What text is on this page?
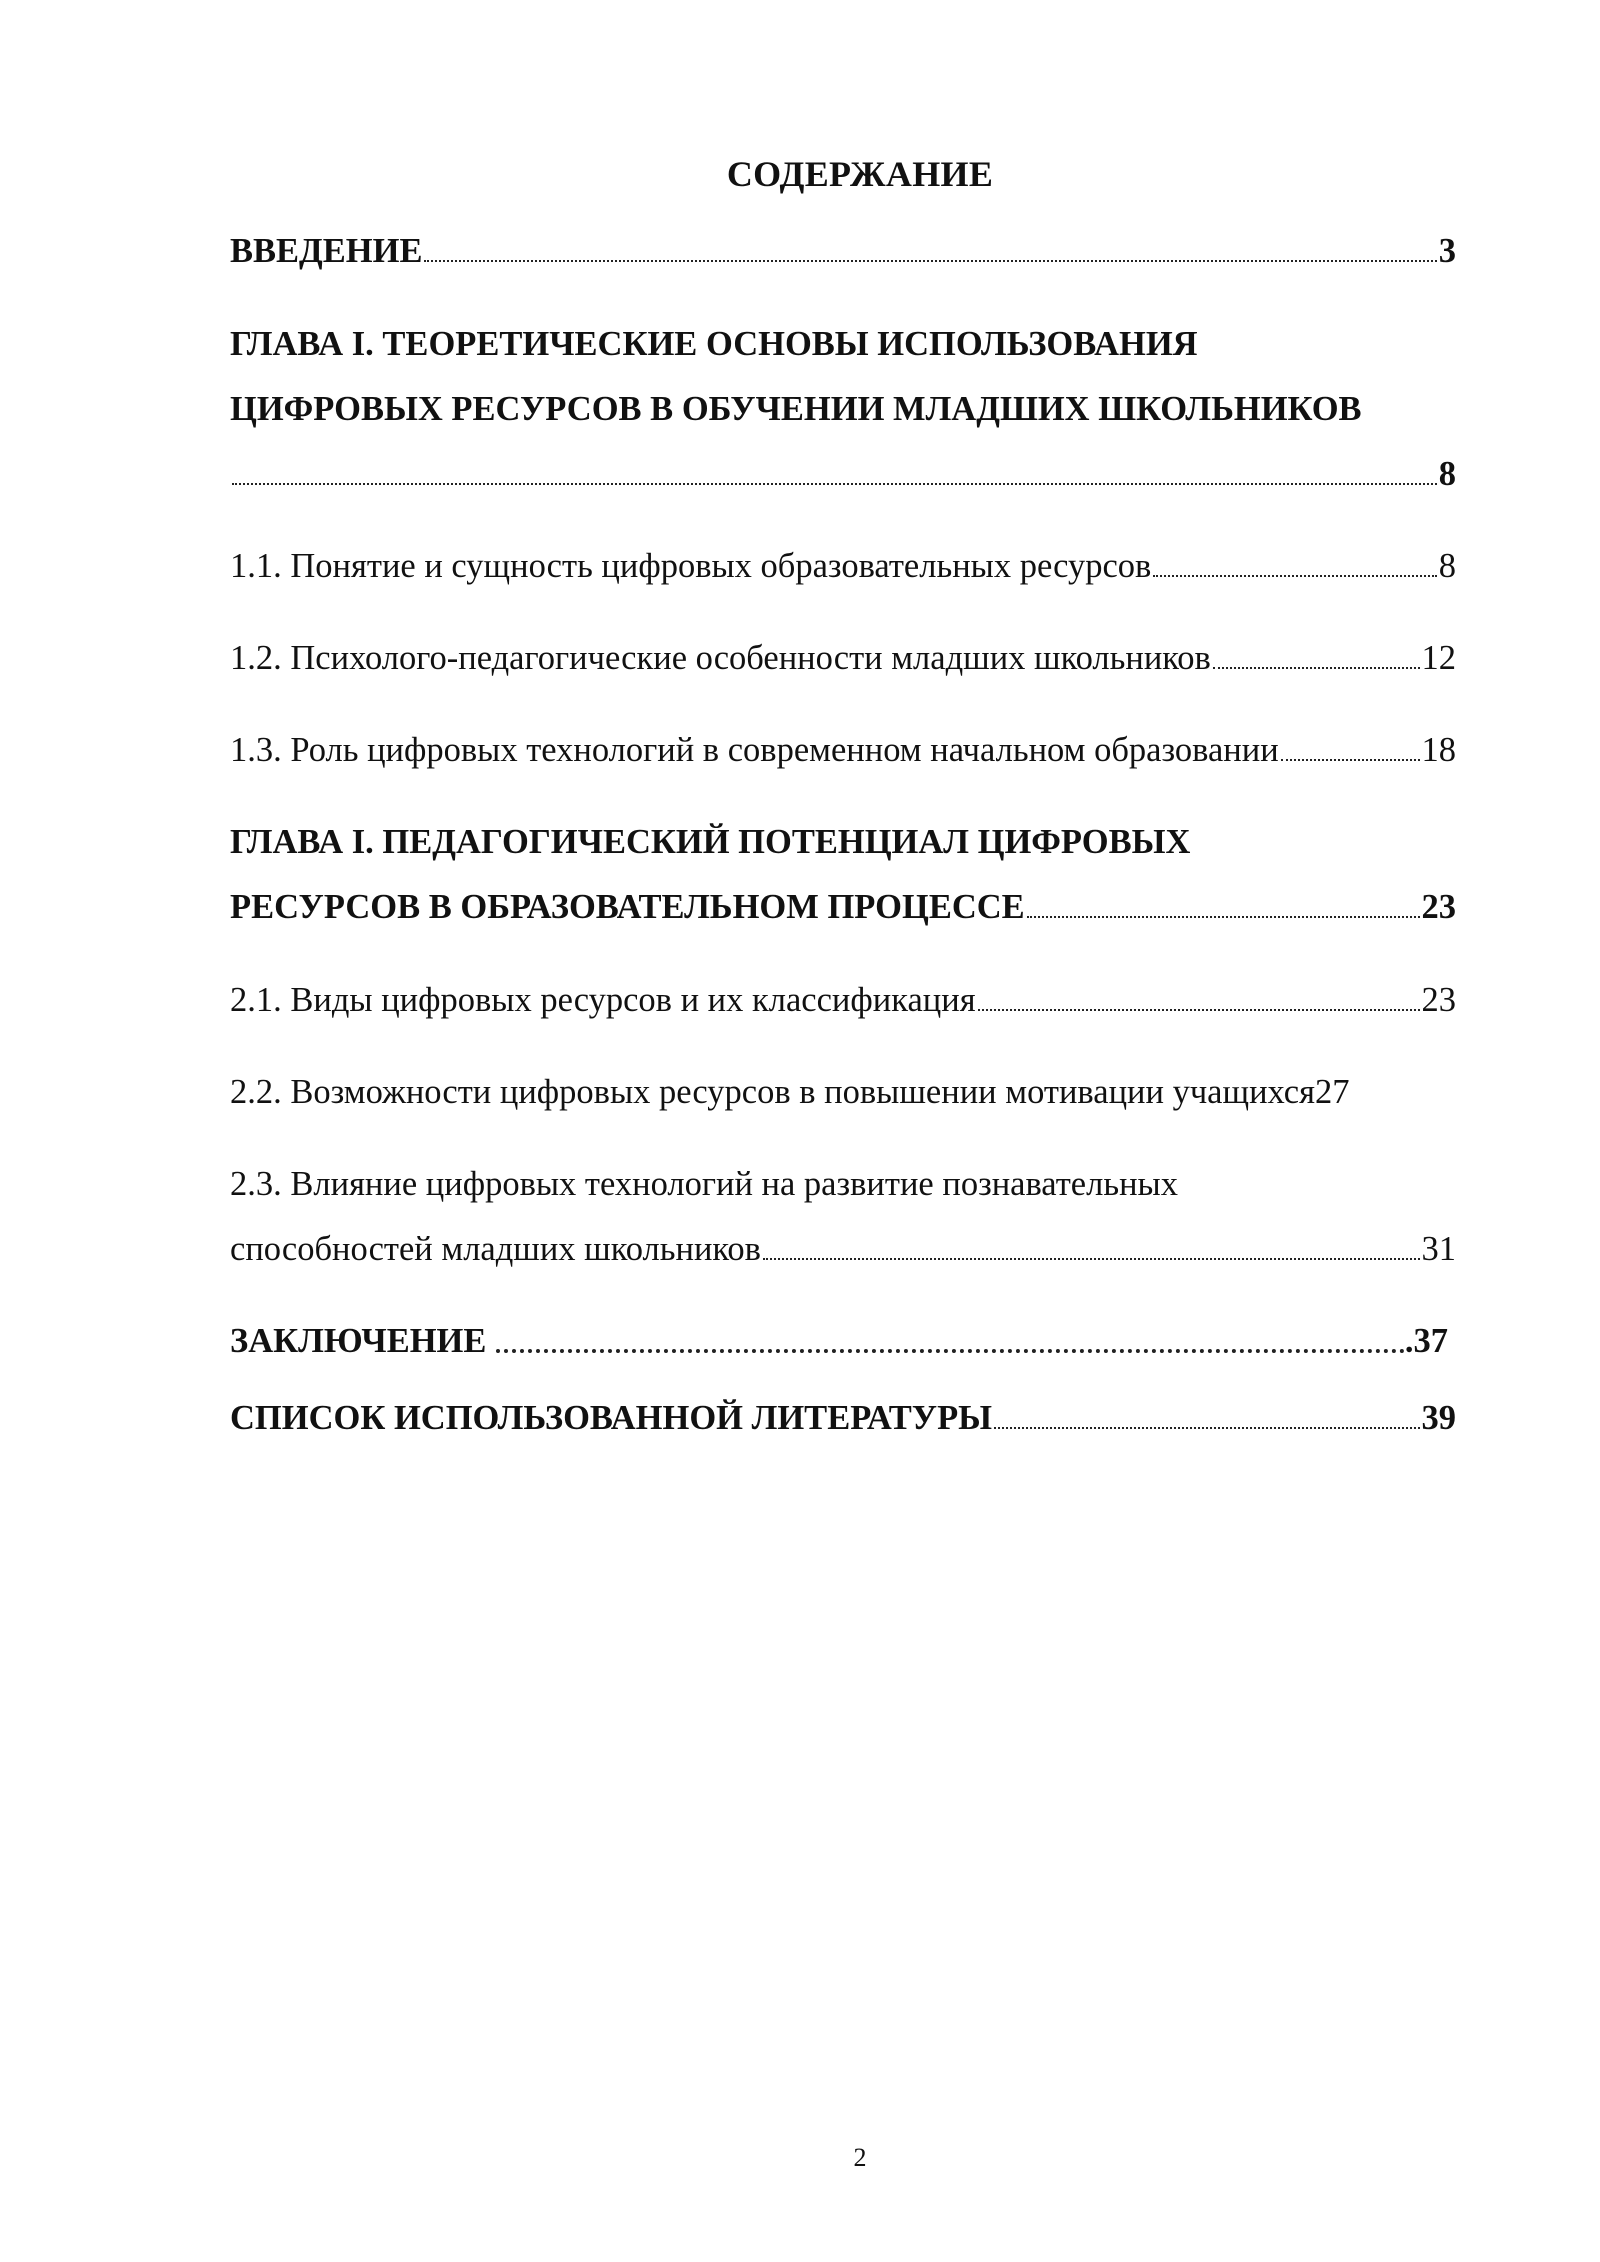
СОДЕРЖАНИЕ
ВВЕДЕНИЕ	3
ГЛАВА I. ТЕОРЕТИЧЕСКИЕ ОСНОВЫ ИСПОЛЬЗОВАНИЯ
ЦИФРОВЫХ РЕСУРСОВ В ОБУЧЕНИИ МЛАДШИХ ШКОЛЬНИКОВ
8
1.1. Понятие и сущность цифровых образовательных ресурсов	8
1.2. Психолого-педагогические особенности младших школьников	12
1.3. Роль цифровых технологий в современном начальном образовании	18
ГЛАВА I. ПЕДАГОГИЧЕСКИЙ ПОТЕНЦИАЛ ЦИФРОВЫХ
РЕСУРСОВ В ОБРАЗОВАТЕЛЬНОМ ПРОЦЕССЕ	23
2.1. Виды цифровых ресурсов и их классификация	23
2.2. Возможности цифровых ресурсов в повышении мотивации учащихся 27
2.3. Влияние цифровых технологий на развитие познавательных
способностей младших школьников	31
ЗАКЛЮЧЕНИЕ	.37
СПИСОК ИСПОЛЬЗОВАННОЙ ЛИТЕРАТУРЫ	39
2
